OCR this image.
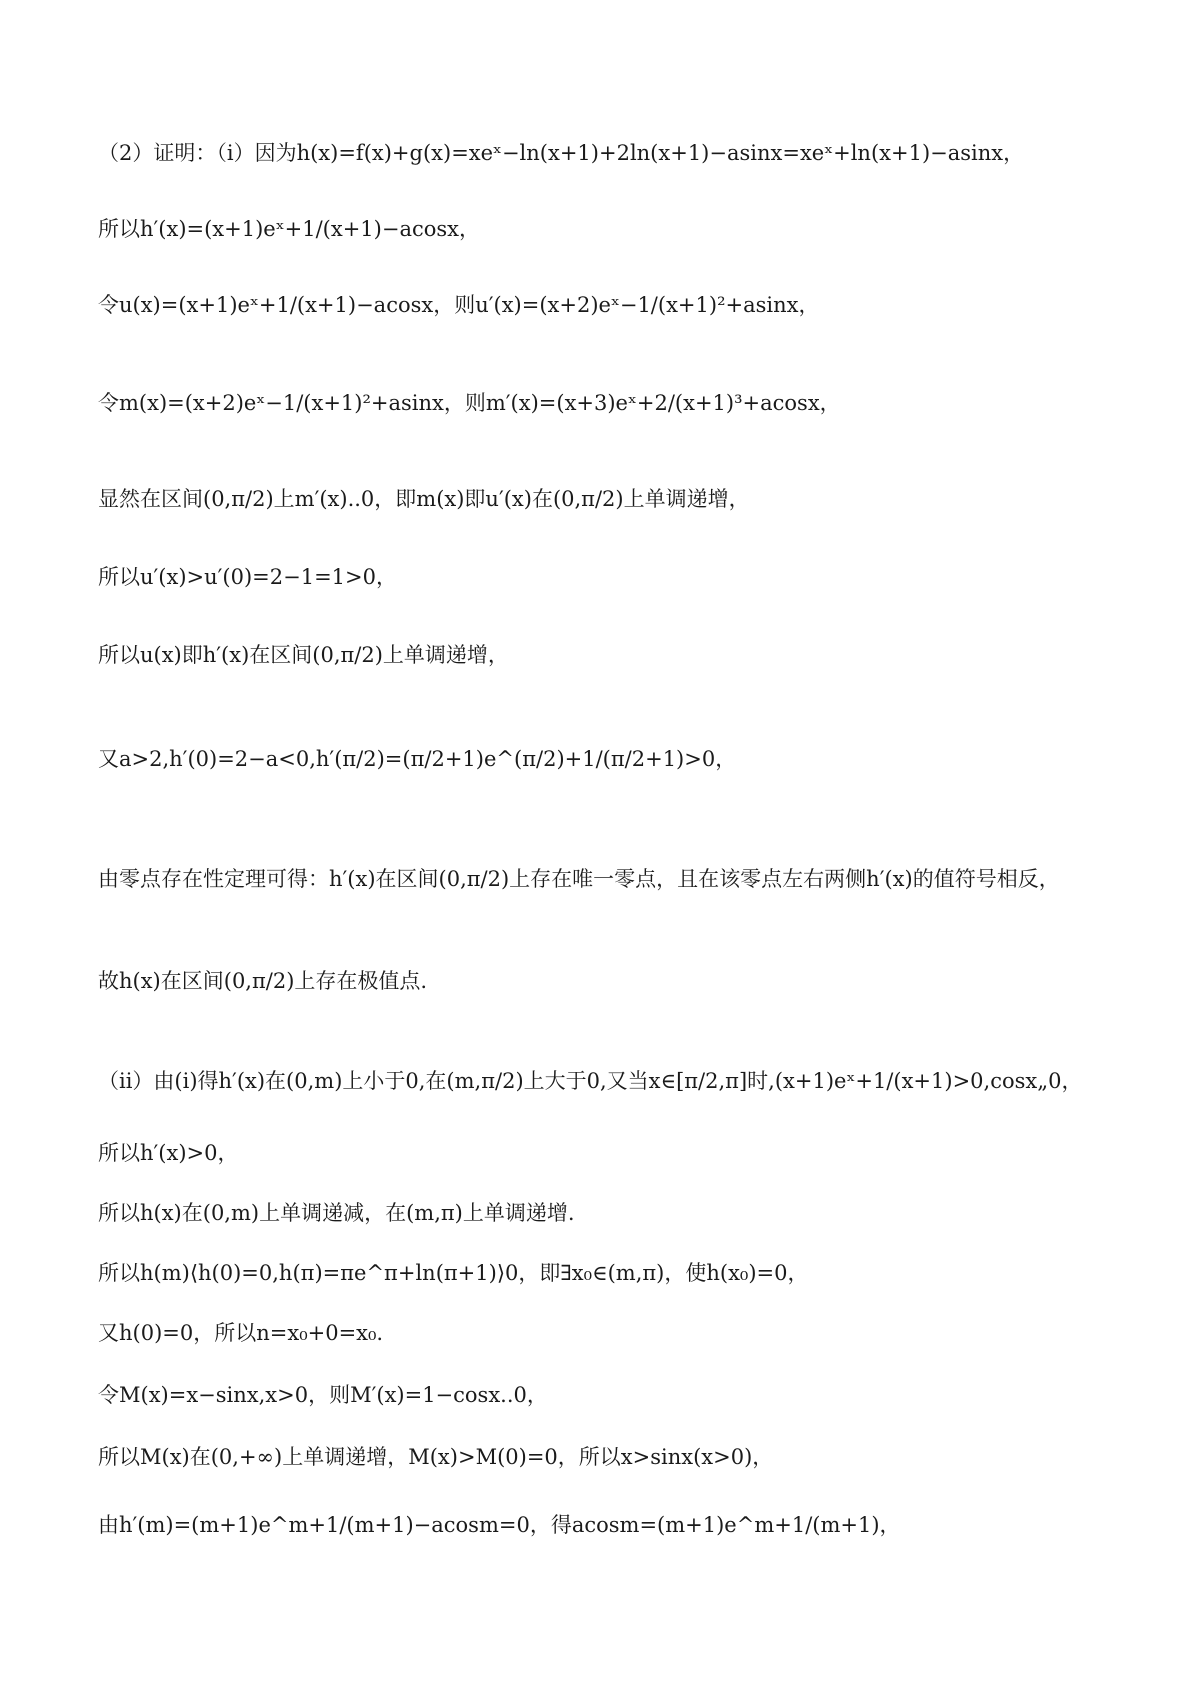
（2）证明：（i）因为h(x)=f(x)+g(x)=xeˣ−ln(x+1)+2ln(x+1)−asinx=xeˣ+ln(x+1)−asinx，
所以h′(x)=(x+1)eˣ+1/(x+1)−acosx，
令u(x)=(x+1)eˣ+1/(x+1)−acosx，则u′(x)=(x+2)eˣ−1/(x+1)²+asinx，
令m(x)=(x+2)eˣ−1/(x+1)²+asinx，则m′(x)=(x+3)eˣ+2/(x+1)³+acosx，
显然在区间(0,π/2)上m′(x)..0，即m(x)即u′(x)在(0,π/2)上单调递增，
所以u′(x)>u′(0)=2−1=1>0，
所以u(x)即h′(x)在区间(0,π/2)上单调递增，
又a>2,h′(0)=2−a<0,h′(π/2)=(π/2+1)e^(π/2)+1/(π/2+1)>0，
由零点存在性定理可得：h′(x)在区间(0,π/2)上存在唯一零点，且在该零点左右两侧h′(x)的值符号相反，
故h(x)在区间(0,π/2)上存在极值点.
（ii）由(i)得h′(x)在(0,m)上小于0,在(m,π/2)上大于0,又当x∈[π/2,π]时,(x+1)eˣ+1/(x+1)>0,cosx„0，
所以h′(x)>0，
所以h(x)在(0,m)上单调递减，在(m,π)上单调递增.
所以h(m)⟨h(0)=0,h(π)=πe^π+ln(π+1)⟩0，即∃x₀∈(m,π)，使h(x₀)=0，
又h(0)=0，所以n=x₀+0=x₀.
令M(x)=x−sinx,x>0，则M′(x)=1−cosx..0，
所以M(x)在(0,+∞)上单调递增，M(x)>M(0)=0，所以x>sinx(x>0)，
由h′(m)=(m+1)e^m+1/(m+1)−acosm=0，得acosm=(m+1)e^m+1/(m+1)，
